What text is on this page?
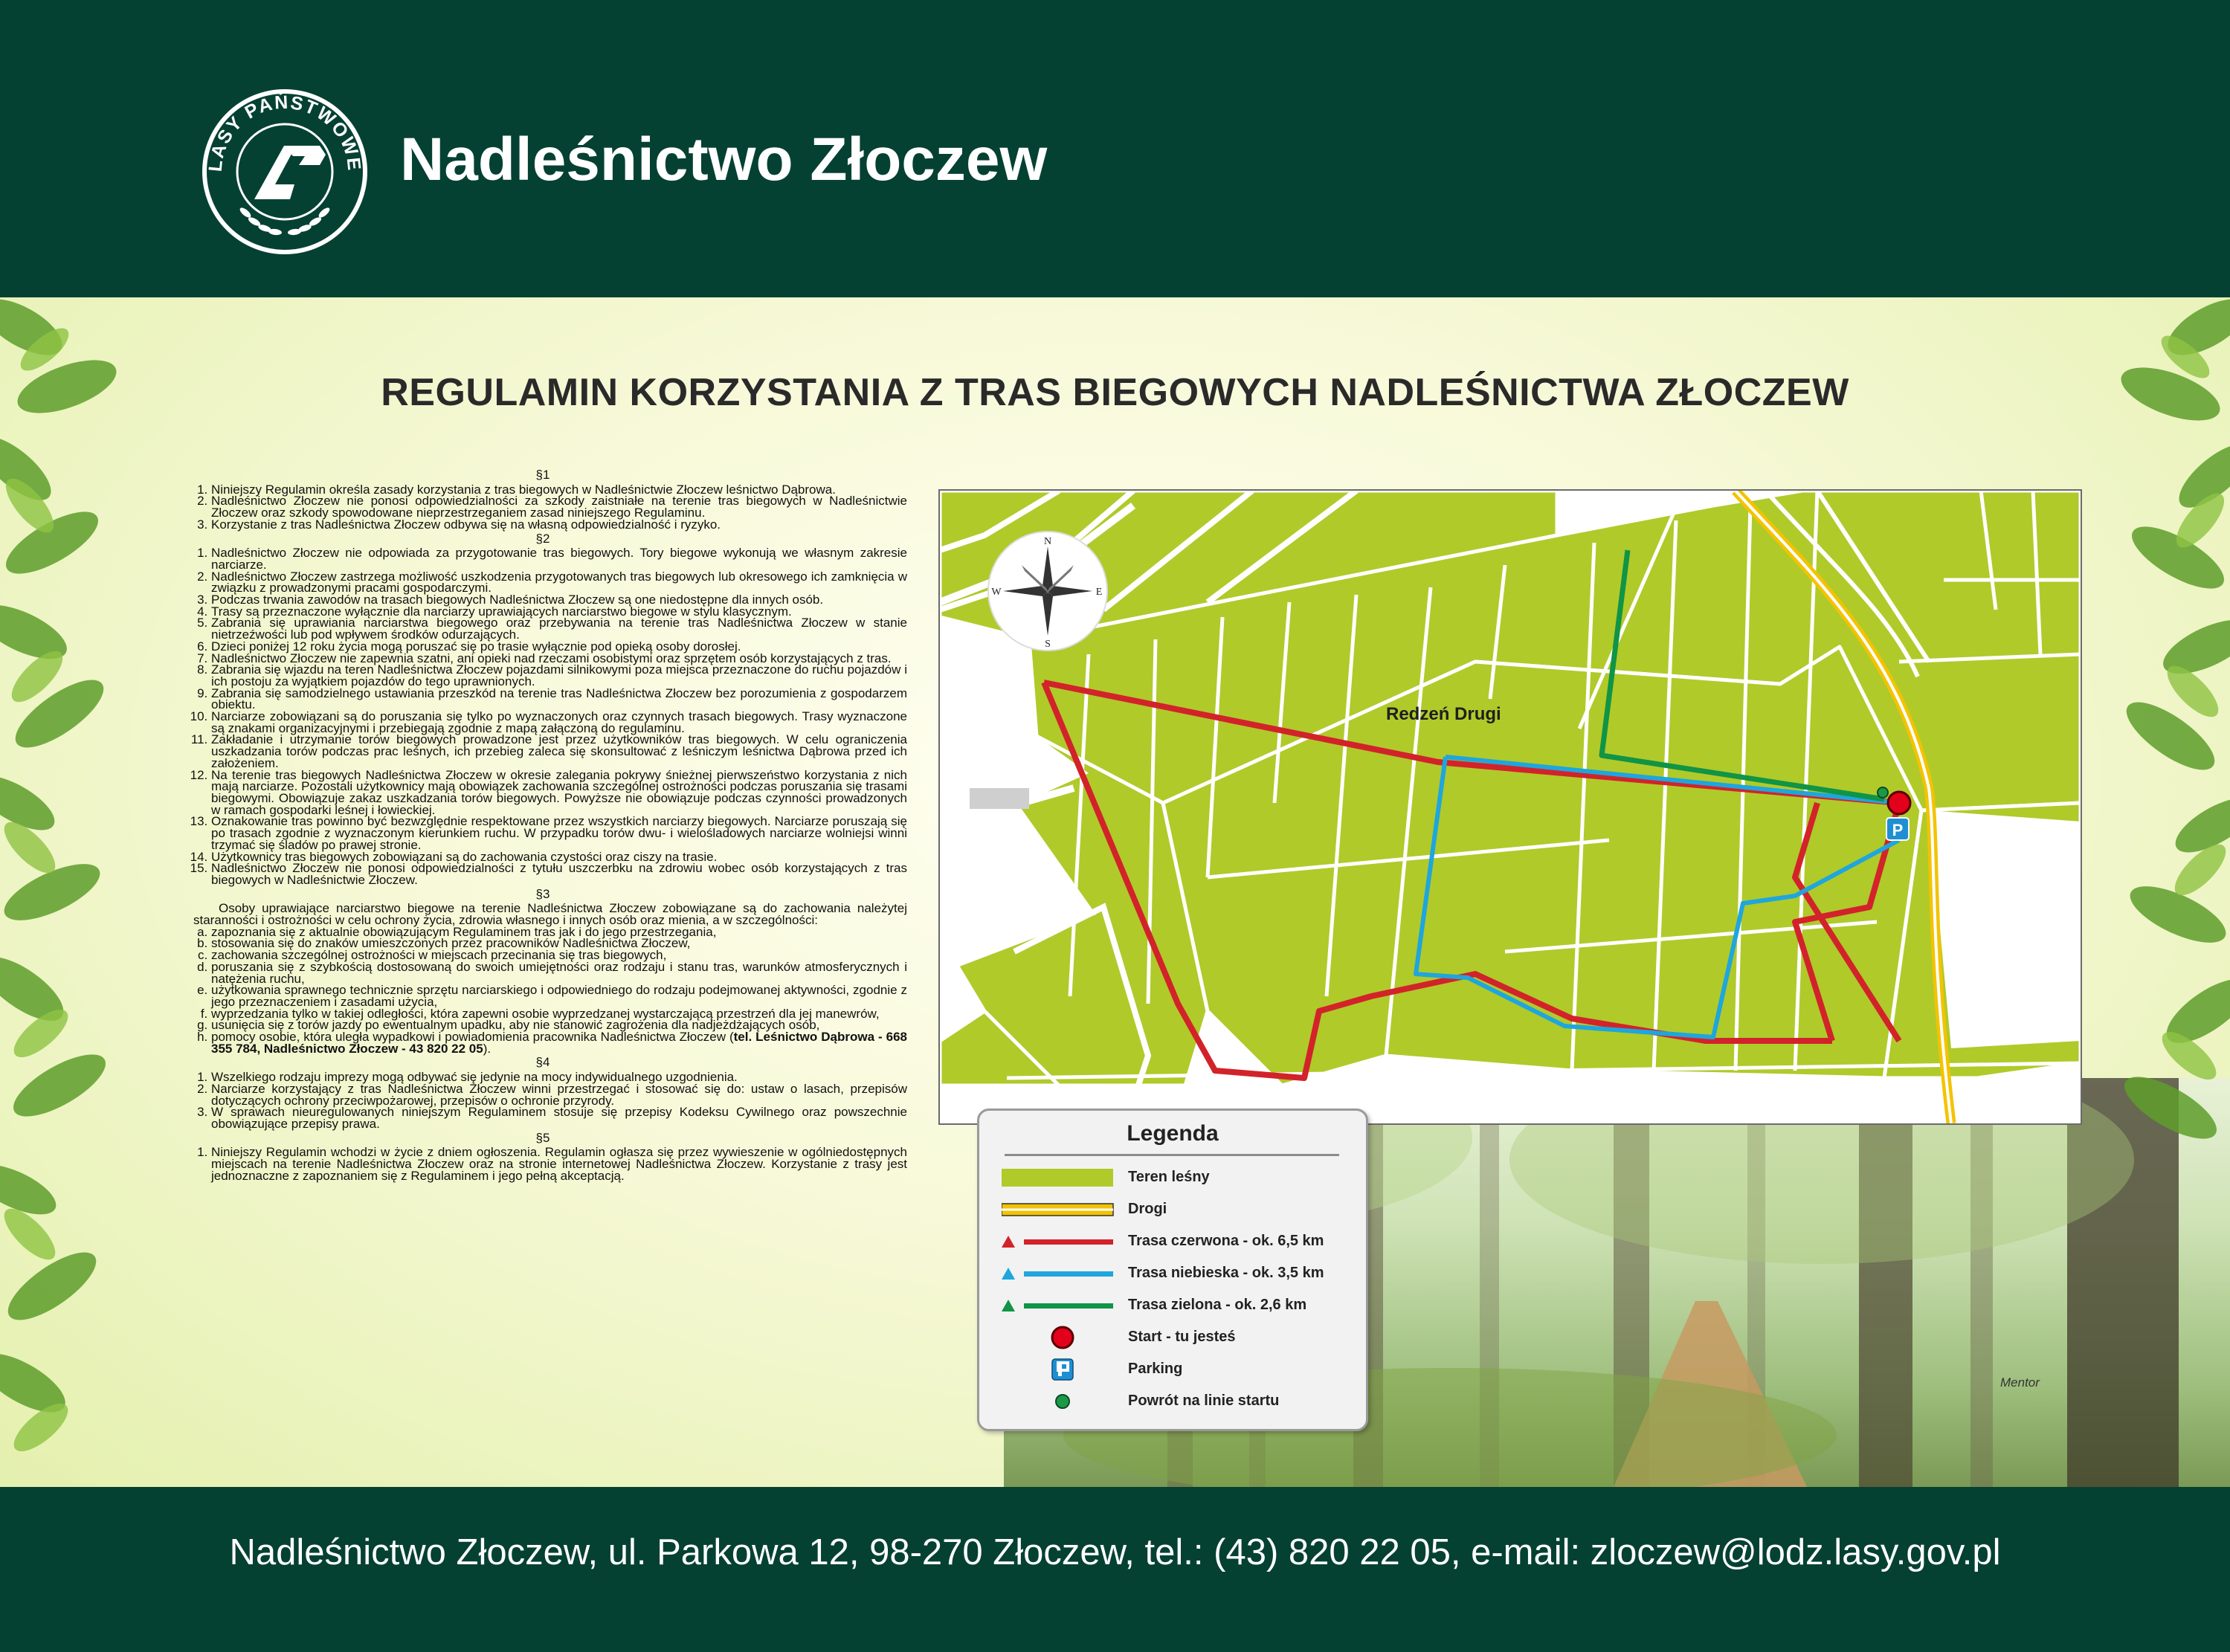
LASY PAŃSTWOWE Nadleśnictwo Złoczew
REGULAMIN KORZYSTANIA Z TRAS BIEGOWYCH NADLEŚNICTWA ZŁOCZEW
§1
1. Niniejszy Regulamin określa zasady korzystania z tras biegowych w Nadleśnictwie Złoczew leśnictwo Dąbrowa.
2. Nadleśnictwo Złoczew nie ponosi odpowiedzialności za szkody zaistniałe na terenie tras biegowych w Nadleśnictwie Złoczew oraz szkody spowodowane nieprzestrzeganiem zasad niniejszego Regulaminu.
3. Korzystanie z tras Nadleśnictwa Złoczew odbywa się na własną odpowiedzialność i ryzyko.
§2
1. Nadleśnictwo Złoczew nie odpowiada za przygotowanie tras biegowych. Tory biegowe wykonują we własnym zakresie narciarze.
2. Nadleśnictwo Złoczew zastrzega możliwość uszkodzenia przygotowanych tras biegowych lub okresowego ich zamknięcia w związku z prowadzonymi pracami gospodarczymi.
3. Podczas trwania zawodów na trasach biegowych Nadleśnictwa Złoczew są one niedostępne dla innych osób.
4. Trasy są przeznaczone wyłącznie dla narciarzy uprawiających narciarstwo biegowe w stylu klasycznym.
5. Zabrania się uprawiania narciarstwa biegowego oraz przebywania na terenie tras Nadleśnictwa Złoczew w stanie nietrzeźwości lub pod wpływem środków odurzających.
6. Dzieci poniżej 12 roku życia mogą poruszać się po trasie wyłącznie pod opieką osoby dorosłej.
7. Nadleśnictwo Złoczew nie zapewnia szatni, ani opieki nad rzeczami osobistymi oraz sprzętem osób korzystających z tras.
8. Zabrania się wjazdu na teren Nadleśnictwa Złoczew pojazdami silnikowymi poza miejsca przeznaczone do ruchu pojazdów i ich postoju za wyjątkiem pojazdów do tego uprawnionych.
9. Zabrania się samodzielnego ustawiania przeszkód na terenie tras Nadleśnictwa Złoczew bez porozumienia z gospodarzem obiektu.
10. Narciarze zobowiązani są do poruszania się tylko po wyznaczonych oraz czynnych trasach biegowych. Trasy wyznaczone są znakami organizacyjnymi i przebiegają zgodnie z mapą załączoną do regulaminu.
11. Zakładanie i utrzymanie torów biegowych prowadzone jest przez użytkowników tras biegowych. W celu ograniczenia uszkadzania torów podczas prac leśnych, ich przebieg zaleca się skonsultować z leśniczym leśnictwa Dąbrowa przed ich założeniem.
12. Na terenie tras biegowych Nadleśnictwa Złoczew w okresie zalegania pokrywy śnieżnej pierwszeństwo korzystania z nich mają narciarze. Pozostali użytkownicy mają obowiązek zachowania szczególnej ostrożności podczas poruszania się trasami biegowymi. Obowiązuje zakaz uszkadzania torów biegowych. Powyższe nie obowiązuje podczas czynności prowadzonych w ramach gospodarki leśnej i łowieckiej.
13. Oznakowanie tras powinno być bezwzględnie respektowane przez wszystkich narciarzy biegowych. Narciarze poruszają się po trasach zgodnie z wyznaczonym kierunkiem ruchu. W przypadku torów dwu- i wielośladowych narciarze wolniejsi winni trzymać się śladów po prawej stronie.
14. Użytkownicy tras biegowych zobowiązani są do zachowania czystości oraz ciszy na trasie.
15. Nadleśnictwo Złoczew nie ponosi odpowiedzialności z tytułu uszczerbku na zdrowiu wobec osób korzystających z tras biegowych w Nadleśnictwie Złoczew.
§3

Osoby uprawiające narciarstwo biegowe na terenie Nadleśnictwa Złoczew zobowiązane są do zachowania należytej staranności i ostrożności w celu ochrony życia, zdrowia własnego i innych osób oraz mienia, a w szczególności:

a. zapoznania się z aktualnie obowiązującym Regulaminem tras jak i do jego przestrzegania,
b. stosowania się do znaków umieszczonych przez pracowników Nadleśnictwa Złoczew,
c. zachowania szczególnej ostrożności w miejscach przecinania się tras biegowych,
d. poruszania się z szybkością dostosowaną do swoich umiejętności oraz rodzaju i stanu tras, warunków atmosferycznych i natężenia ruchu,
e. użytkowania sprawnego technicznie sprzętu narciarskiego i odpowiedniego do rodzaju podejmowanej aktywności, zgodnie z jego przeznaczeniem i zasadami użycia,
f. wyprzedzania tylko w takiej odległości, która zapewni osobie wyprzedzanej wystarczającą przestrzeń dla jej manewrów,
g. usunięcia się z torów jazdy po ewentualnym upadku, aby nie stanowić zagrożenia dla nadjeżdżających osób,
h. pomocy osobie, która uległa wypadkowi i powiadomienia pracownika Nadleśnictwa Złoczew (tel. Leśnictwo Dąbrowa - 668 355 784, Nadleśnictwo Złoczew - 43 820 22 05).
§4
1. Wszelkiego rodzaju imprezy mogą odbywać się jedynie na mocy indywidualnego uzgodnienia.
2. Narciarze korzystający z tras Nadleśnictwa Złoczew winni przestrzegać i stosować się do: ustaw o lasach, przepisów dotyczących ochrony przeciwpożarowej, przepisów o ochronie przyrody.
3. W sprawach nieuregulowanych niniejszym Regulaminem stosuje się przepisy Kodeksu Cywilnego oraz powszechnie obowiązujące przepisy prawa.
§5
1. Niniejszy Regulamin wchodzi w życie z dniem ogłoszenia. Regulamin ogłasza się przez wywieszenie w ogólniedostępnych miejscach na terenie Nadleśnictwa Złoczew oraz na stronie internetowej Nadleśnictwa Złoczew. Korzystanie z trasy jest jednoznaczne z zapoznaniem się z Regulaminem i jego pełną akceptacją.
P
Redzeń Drugi
N
S
E
W
Legenda
Teren leśny
Drogi
Trasa czerwona - ok. 6,5 km
Trasa niebieska - ok. 3,5 km
Trasa zielona - ok. 2,6 km
Start - tu jesteś
Parking
Powrót na linie startu
Mentor
Nadleśnictwo Złoczew, ul. Parkowa 12, 98-270 Złoczew, tel.: (43) 820 22 05, e-mail: zloczew@lodz.lasy.gov.pl
